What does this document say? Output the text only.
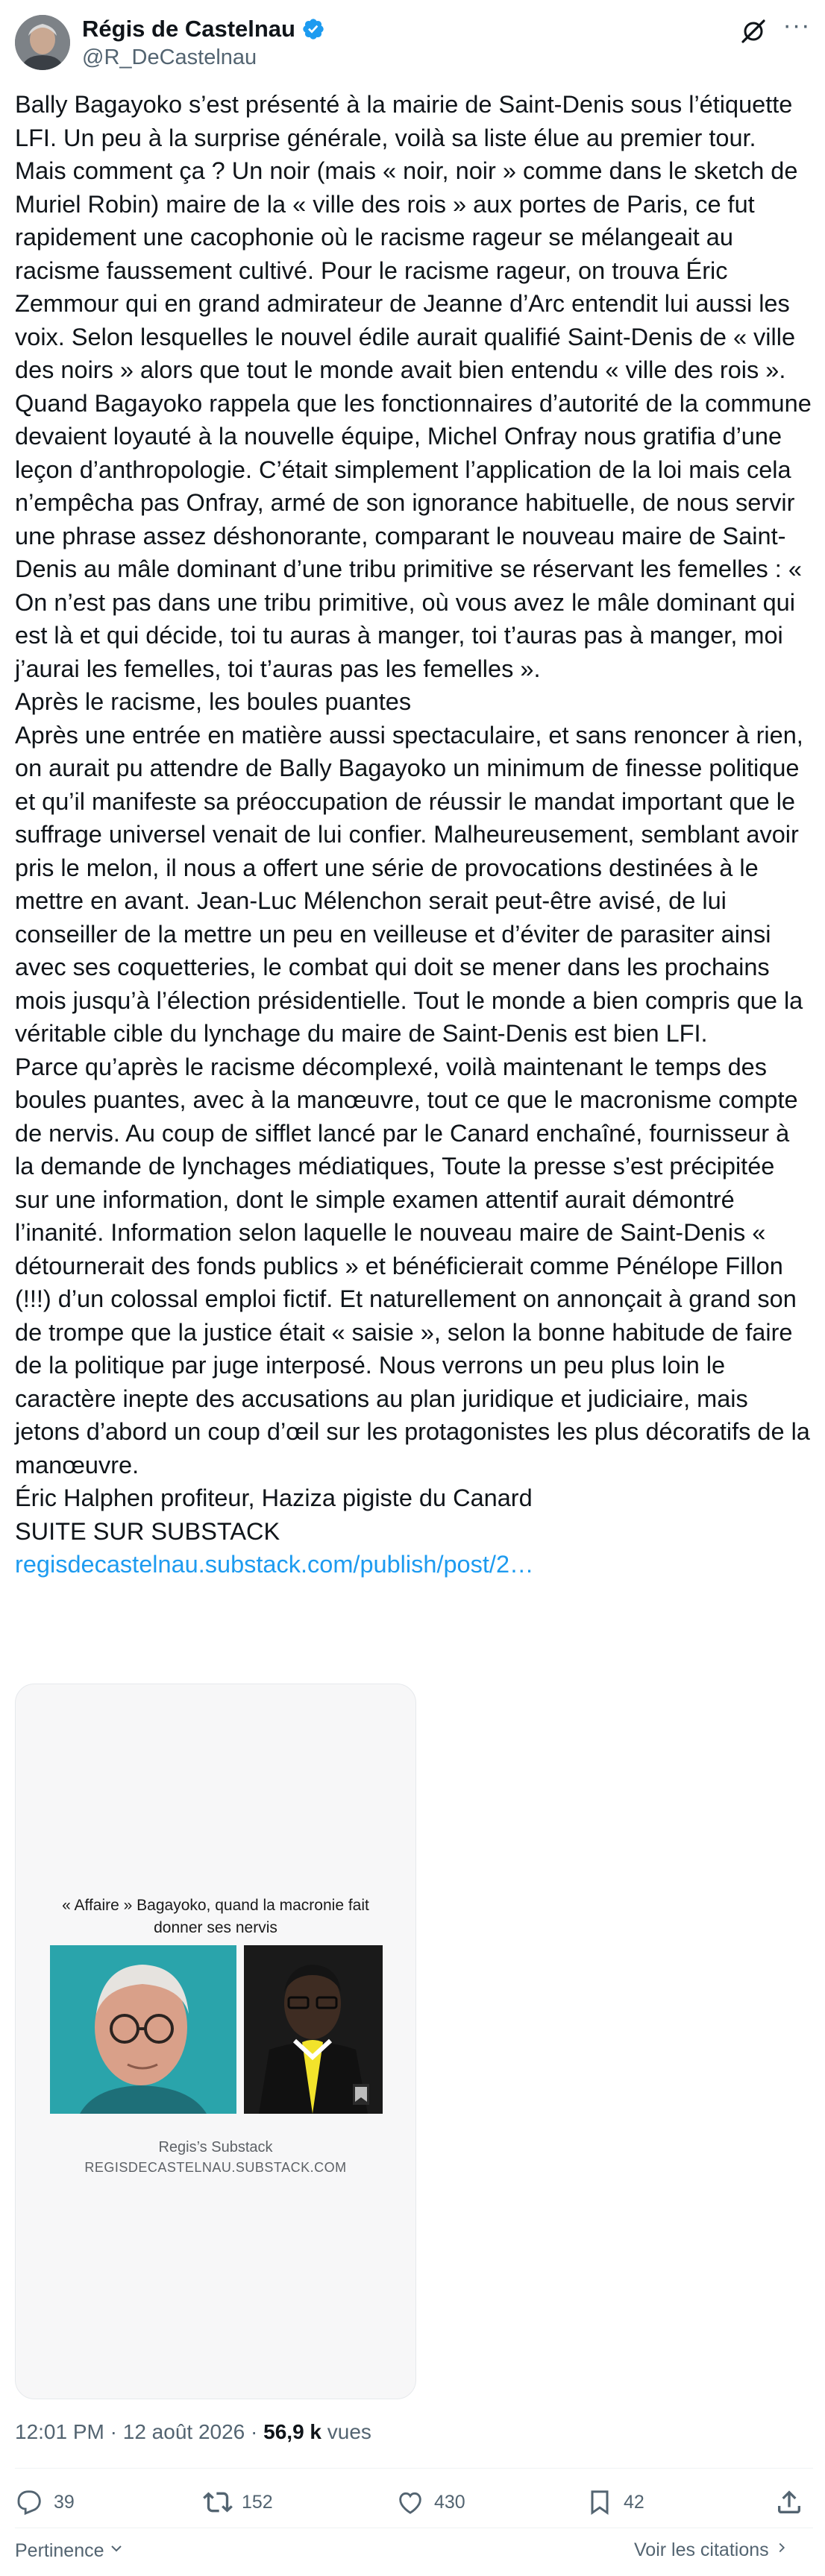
Régis de Castelnau
@R_DeCastelnau
···

Bally Bagayoko s’est présenté à la mairie de Saint-Denis sous l’étiquette LFI. Un peu à la surprise générale, voilà sa liste élue au premier tour. Mais comment ça ? Un noir (mais « noir, noir » comme dans le sketch de Muriel Robin) maire de la « ville des rois » aux portes de Paris, ce fut rapidement une cacophonie où le racisme rageur se mélangeait au racisme faussement cultivé. Pour le racisme rageur, on trouva Éric Zemmour qui en grand admirateur de Jeanne d’Arc entendit lui aussi les voix. Selon lesquelles le nouvel édile aurait qualifié Saint-Denis de « ville des noirs » alors que tout le monde avait bien entendu « ville des rois ». Quand Bagayoko rappela que les fonctionnaires d’autorité de la commune devaient loyauté à la nouvelle équipe, Michel Onfray nous gratifia d’une leçon d’anthropologie. C’était simplement l’application de la loi mais cela n’empêcha pas Onfray, armé de son ignorance habituelle, de nous servir une phrase assez déshonorante, comparant le nouveau maire de Saint-Denis au mâle dominant d’une tribu primitive se réservant les femelles : « On n’est pas dans une tribu primitive, où vous avez le mâle dominant qui est là et qui décide, toi tu auras à manger, toi t’auras pas à manger, moi j’aurai les femelles, toi t’auras pas les femelles ».

Après le racisme, les boules puantes

Après une entrée en matière aussi spectaculaire, et sans renoncer à rien, on aurait pu attendre de Bally Bagayoko un minimum de finesse politique et qu’il manifeste sa préoccupation de réussir le mandat important que le suffrage universel venait de lui confier. Malheureusement, semblant avoir pris le melon, il nous a offert une série de provocations destinées à le mettre en avant. Jean-Luc Mélenchon serait peut-être avisé, de lui conseiller de la mettre un peu en veilleuse et d’éviter de parasiter ainsi avec ses coquetteries, le combat qui doit se mener dans les prochains mois jusqu’à l’élection présidentielle. Tout le monde a bien compris que la véritable cible du lynchage du maire de Saint-Denis est bien LFI.

Parce qu’après le racisme décomplexé, voilà maintenant le temps des boules puantes, avec à la manœuvre, tout ce que le macronisme compte de nervis. Au coup de sifflet lancé par le Canard enchaîné, fournisseur à la demande de lynchages médiatiques, Toute la presse s’est précipitée sur une information, dont le simple examen attentif aurait démontré l’inanité. Information selon laquelle le nouveau maire de Saint-Denis « détournerait des fonds publics » et bénéficierait comme Pénélope Fillon (!!!) d’un colossal emploi fictif. Et naturellement on annonçait à grand son de trompe que la justice était « saisie », selon la bonne habitude de faire de la politique par juge interposé. Nous verrons un peu plus loin le caractère inepte des accusations au plan juridique et judiciaire, mais jetons d’abord un coup d’œil sur les protagonistes les plus décoratifs de la manœuvre.

Éric Halphen profiteur, Haziza pigiste du Canard

SUITE SUR SUBSTACK

regisdecastelnau.substack.com/publish/post/2…

« Affaire » Bagayoko, quand la macronie fait donner ses nervis
Regis’s Substack
REGISDECASTELNAU.SUBSTACK.COM
12:01 PM · 12 août 2026 · 56,9 k vues
39	152	430	42
Pertinence	Voir les citations
